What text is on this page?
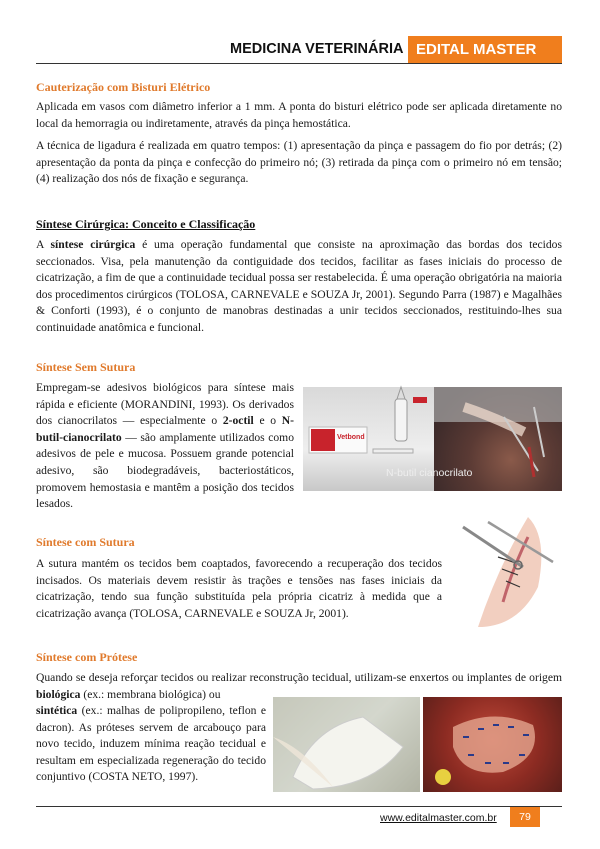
MEDICINA VETERINÁRIA EDITAL MASTER
Cauterização com Bisturi Elétrico

Aplicada em vasos com diâmetro inferior a 1 mm. A ponta do bisturi elétrico pode ser aplicada diretamente no local da hemorragia ou indiretamente, através da pinça hemostática.

A técnica de ligadura é realizada em quatro tempos: (1) apresentação da pinça e passagem do fio por detrás; (2) apresentação da ponta da pinça e confecção do primeiro nó; (3) retirada da pinça com o primeiro nó em tensão; (4) realização dos nós de fixação e segurança.

Síntese Cirúrgica: Conceito e Classificação

A síntese cirúrgica é uma operação fundamental que consiste na aproximação das bordas dos tecidos seccionados. Visa, pela manutenção da contiguidade dos tecidos, facilitar as fases iniciais do processo de cicatrização, a fim de que a continuidade tecidual possa ser restabelecida. É uma operação obrigatória na maioria dos procedimentos cirúrgicos (TOLOSA, CARNEVALE e SOUZA Jr, 2001). Segundo Parra (1987) e Magalhães & Conforti (1993), é o conjunto de manobras destinadas a unir tecidos seccionados, restituindo-lhes sua continuidade anatômica e funcional.

Síntese Sem Sutura

Empregam-se adesivos biológicos para síntese mais rápida e eficiente (MORANDINI, 1993). Os derivados dos cianocrilatos — especialmente o 2-octil e o N-butil-cianocrilato — são amplamente utilizados como adesivos de pele e mucosa. Possuem grande potencial adesivo, são biodegradáveis, bacteriostáticos, promovem hemostasia e mantêm a posição dos tecidos lesados.

Vetbond
N-butil cianocrilato
Síntese com Sutura

A sutura mantém os tecidos bem coaptados, favorecendo a recuperação dos tecidos incisados. Os materiais devem resistir às trações e tensões nas fases iniciais da cicatrização, tendo sua função substituída pela própria cicatriz à medida que a cicatrização avança (TOLOSA, CARNEVALE e SOUZA Jr, 2001).

Síntese com Prótese

Quando se deseja reforçar tecidos ou realizar reconstrução tecidual, utilizam-se enxertos ou implantes de origem biológica (ex.: membrana biológica) ou

sintética (ex.: malhas de polipropileno, teflon e dacron). As próteses servem de arcabouço para novo tecido, induzem mínima reação tecidual e resultam em especializada regeneração do tecido conjuntivo (COSTA NETO, 1997).

www.editalmaster.com.br	79
